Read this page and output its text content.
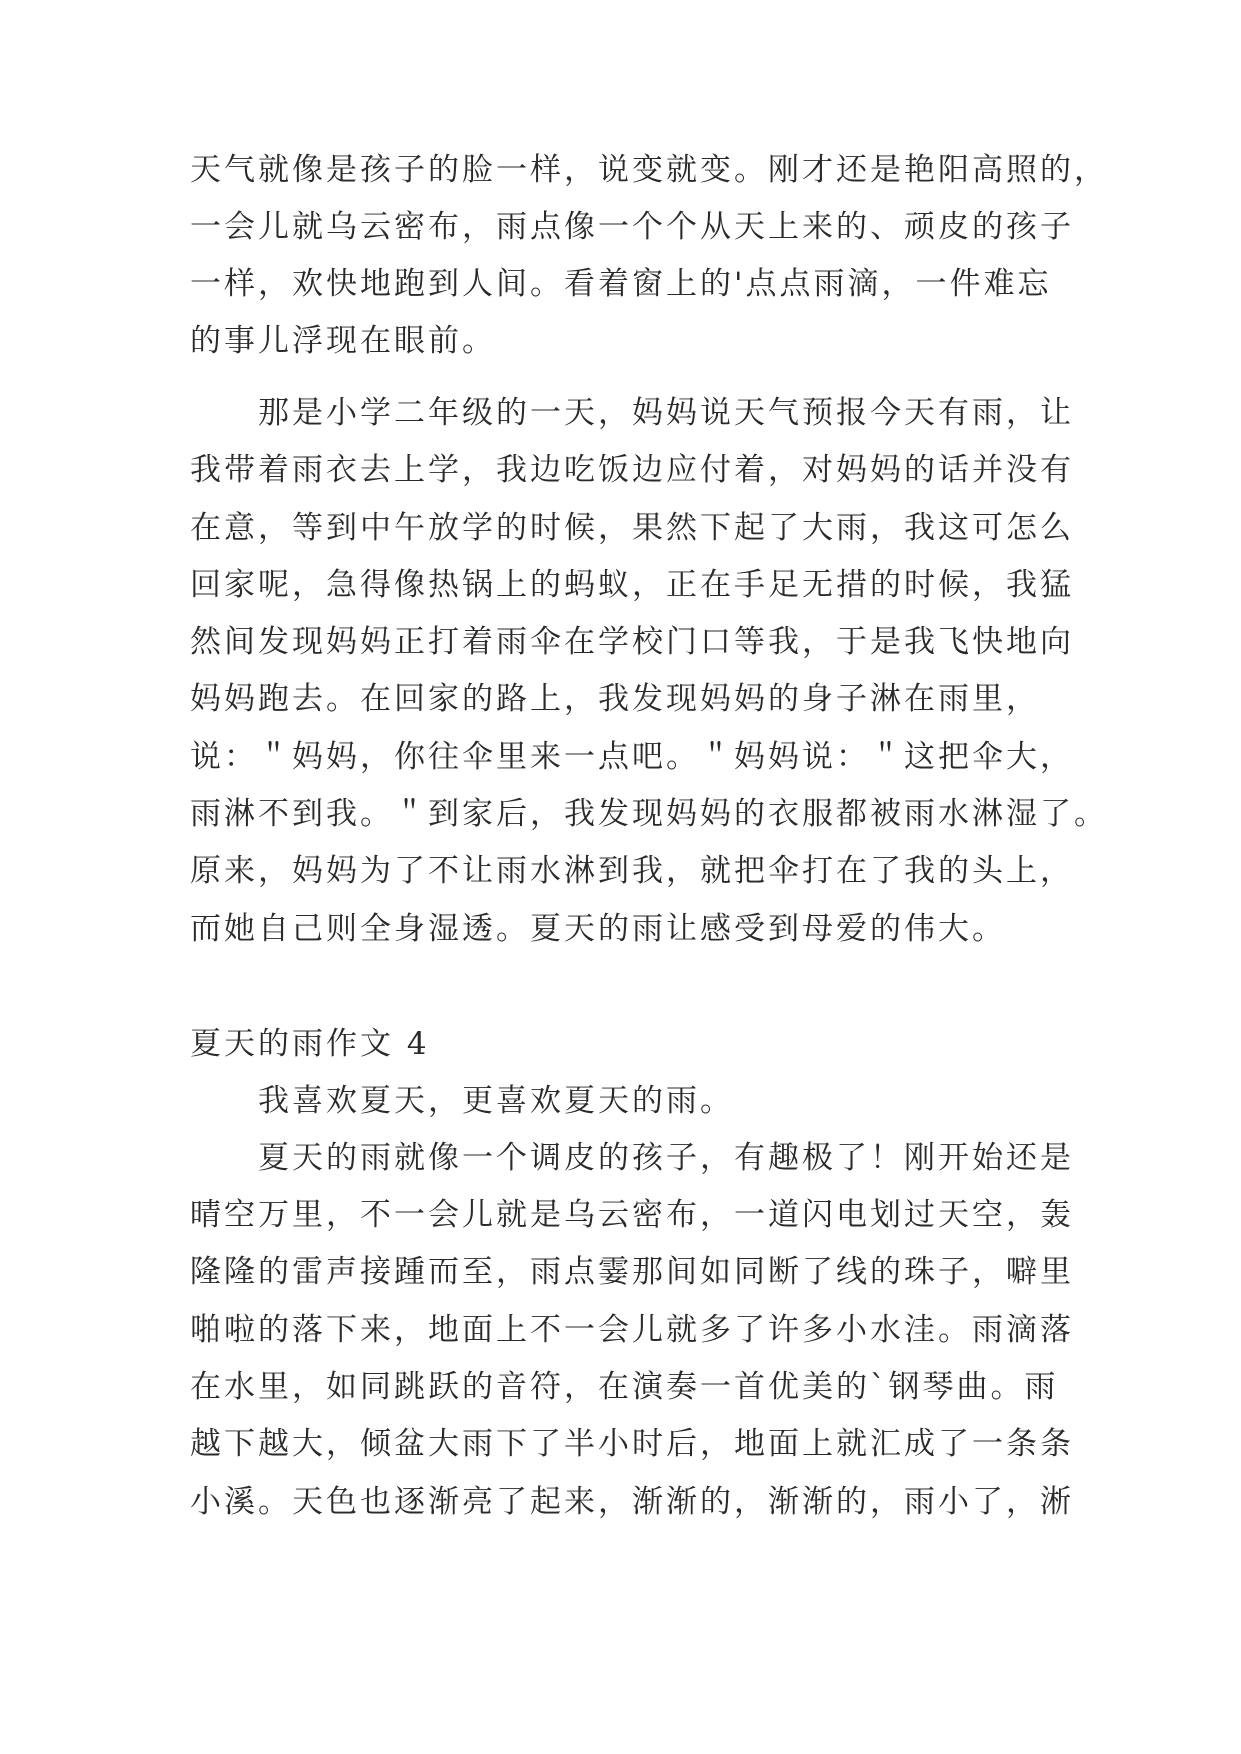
天气就像是孩子的脸一样，说变就变。刚才还是艳阳高照的，
一会儿就乌云密布，雨点像一个个从天上来的、顽皮的孩子
一样，欢快地跑到人间。看着窗上的'点点雨滴，一件难忘
的事儿浮现在眼前。
　　那是小学二年级的一天，妈妈说天气预报今天有雨，让
我带着雨衣去上学，我边吃饭边应付着，对妈妈的话并没有
在意，等到中午放学的时候，果然下起了大雨，我这可怎么
回家呢，急得像热锅上的蚂蚁，正在手足无措的时候，我猛
然间发现妈妈正打着雨伞在学校门口等我，于是我飞快地向
妈妈跑去。在回家的路上，我发现妈妈的身子淋在雨里，
说：＂妈妈，你往伞里来一点吧。＂妈妈说：＂这把伞大，
雨淋不到我。＂到家后，我发现妈妈的衣服都被雨水淋湿了。
原来，妈妈为了不让雨水淋到我，就把伞打在了我的头上，
而她自己则全身湿透。夏天的雨让感受到母爱的伟大。
夏天的雨作文 4
　　我喜欢夏天，更喜欢夏天的雨。
　　夏天的雨就像一个调皮的孩子，有趣极了！刚开始还是
晴空万里，不一会儿就是乌云密布，一道闪电划过天空，轰
隆隆的雷声接踵而至，雨点霎那间如同断了线的珠子，噼里
啪啦的落下来，地面上不一会儿就多了许多小水洼。雨滴落
在水里，如同跳跃的音符，在演奏一首优美的`钢琴曲。雨
越下越大，倾盆大雨下了半小时后，地面上就汇成了一条条
小溪。天色也逐渐亮了起来，渐渐的，渐渐的，雨小了，淅
